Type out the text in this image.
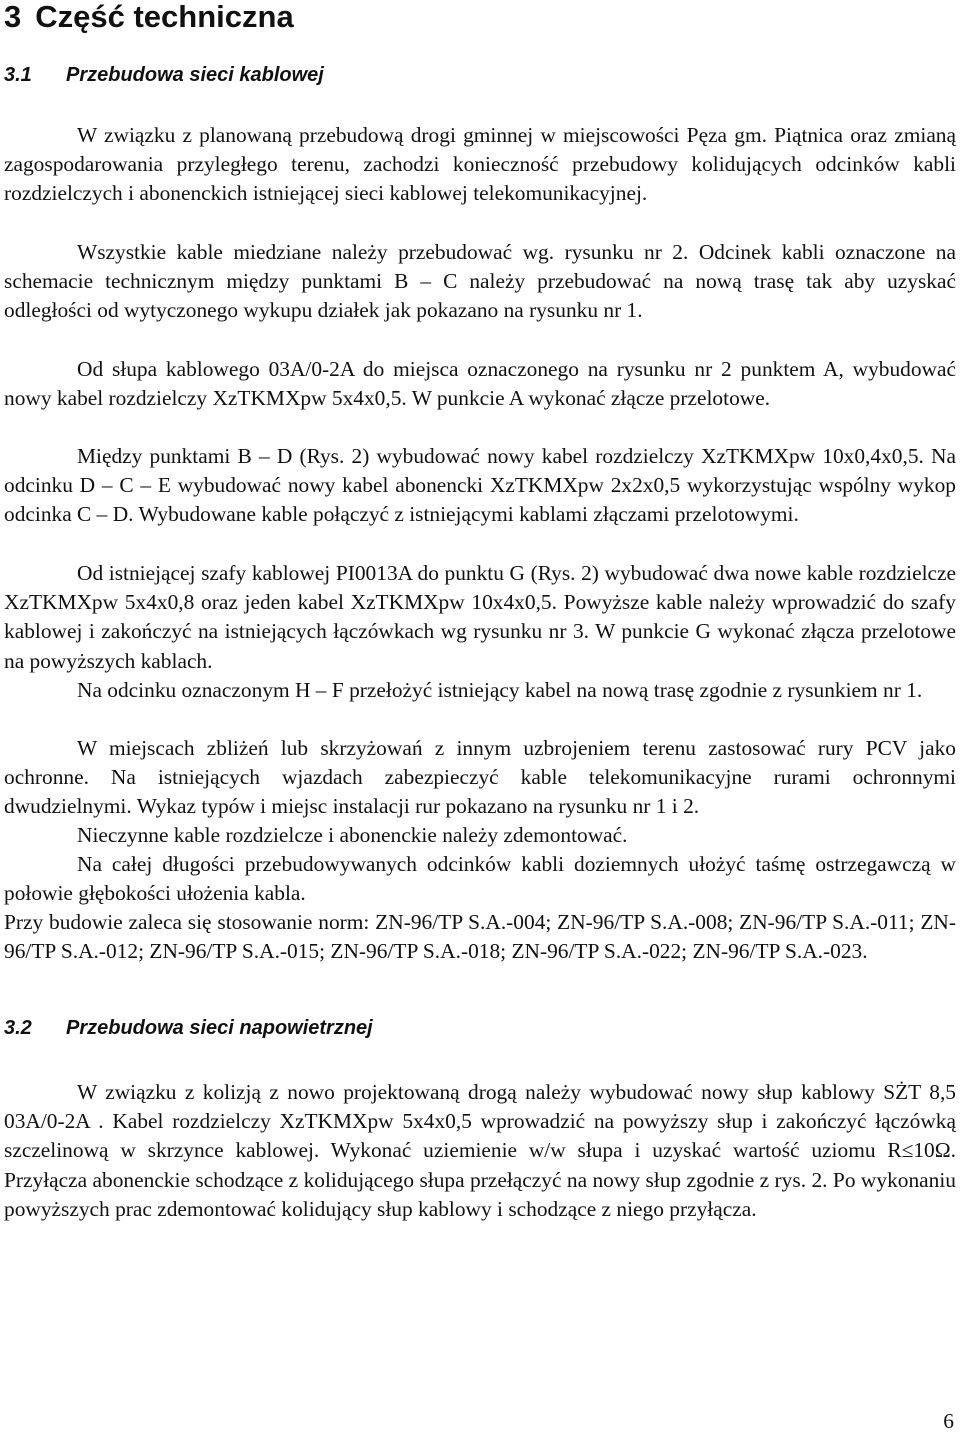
3 Część techniczna
3.1 Przebudowa sieci kablowej

W związku z planowaną przebudową drogi gminnej w miejscowości Pęza gm. Piątnica oraz zmianą zagospodarowania przyległego terenu, zachodzi konieczność przebudowy kolidujących odcinków kabli rozdzielczych i abonenckich istniejącej sieci kablowej telekomunikacyjnej.

Wszystkie kable miedziane należy przebudować wg. rysunku nr 2. Odcinek kabli oznaczone na schemacie technicznym między punktami B – C należy przebudować na nową trasę tak aby uzyskać odległości od wytyczonego wykupu działek jak pokazano na rysunku nr 1.

Od słupa kablowego 03A/0-2A do miejsca oznaczonego na rysunku nr 2 punktem A, wybudować nowy kabel rozdzielczy XzTKMXpw 5x4x0,5. W punkcie A wykonać złącze przelotowe.

Między punktami B – D (Rys. 2) wybudować nowy kabel rozdzielczy XzTKMXpw 10x0,4x0,5. Na odcinku D – C – E wybudować nowy kabel abonencki XzTKMXpw 2x2x0,5 wykorzystując wspólny wykop odcinka C – D. Wybudowane kable połączyć z istniejącymi kablami złączami przelotowymi.

Od istniejącej szafy kablowej PI0013A do punktu G (Rys. 2) wybudować dwa nowe kable rozdzielcze XzTKMXpw 5x4x0,8 oraz jeden kabel XzTKMXpw 10x4x0,5. Powyższe kable należy wprowadzić do szafy kablowej i zakończyć na istniejących łączówkach wg rysunku nr 3. W punkcie G wykonać złącza przelotowe na powyższych kablach.

Na odcinku oznaczonym H – F przełożyć istniejący kabel na nową trasę zgodnie z rysunkiem nr 1.

W miejscach zbliżeń lub skrzyżowań z innym uzbrojeniem terenu zastosować rury PCV jako ochronne. Na istniejących wjazdach zabezpieczyć kable telekomunikacyjne rurami ochronnymi dwudzielnymi. Wykaz typów i miejsc instalacji rur pokazano na rysunku nr 1 i 2.

Nieczynne kable rozdzielcze i abonenckie należy zdemontować.

Na całej długości przebudowywanych odcinków kabli doziemnych ułożyć taśmę ostrzegawczą w połowie głębokości ułożenia kabla.

Przy budowie zaleca się stosowanie norm: ZN-96/TP S.A.-004; ZN-96/TP S.A.-008; ZN-96/TP S.A.-011; ZN-96/TP S.A.-012; ZN-96/TP S.A.-015; ZN-96/TP S.A.-018; ZN-96/TP S.A.-022; ZN-96/TP S.A.-023.

3.2 Przebudowa sieci napowietrznej

W związku z kolizją z nowo projektowaną drogą należy wybudować nowy słup kablowy SŻT 8,5 03A/0-2A . Kabel rozdzielczy XzTKMXpw 5x4x0,5 wprowadzić na powyższy słup i zakończyć łączówką szczelinową w skrzynce kablowej. Wykonać uziemienie w/w słupa i uzyskać wartość uziomu R≤10Ω. Przyłącza abonenckie schodzące z kolidującego słupa przełączyć na nowy słup zgodnie z rys. 2. Po wykonaniu powyższych prac zdemontować kolidujący słup kablowy i schodzące z niego przyłącza.

6
